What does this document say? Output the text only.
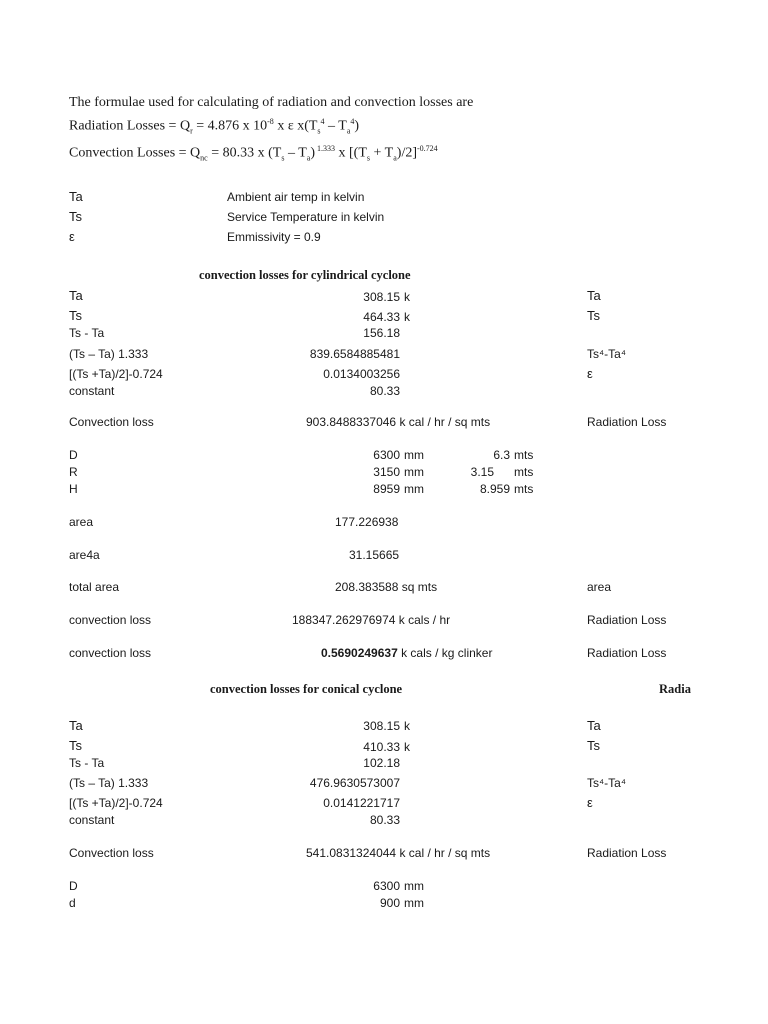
The formulae used for calculating of radiation and convection losses are
Radiation Losses = $Q_r = 4.876$ x $10^{-8}$ x ε $x(T_s^4 - T_a^4)$
Convection Losses = $Q_{nc} = 80.33$ x $(T_s - T_a)$ $^{1.333}$ x $[(T_s + T_a)/2]^{-0.724}$
Ta	Ambient air temp in kelvin
Ts	Service Temperature in kelvin
ε	Emmissivity = 0.9
convection losses for cylindrical cyclone
Ta	308.15 k	Ta
Ts	464.33 k	Ts
Ts - Ta	156.18
(Ts – Ta) 1.333	839.6584885481	Ts⁴-Ta⁴
[(Ts +Ta)/2]-0.724	0.0134003256	ε
constant	80.33
Convection loss	903.8488337046 k cal / hr / sq mts	Radiation Loss
D	6300 mm	6.3 mts
R	3150 mm	3.15 mts
H	8959 mm	8.959 mts
area	177.226938
are4a	31.15665
total area	208.383588 sq mts	area
convection loss	188347.262976974 k cals / hr	Radiation Loss
convection loss	0.5690249637 k cals / kg clinker	Radiation Loss
convection losses for conical cyclone	Radia
Ta	308.15 k	Ta
Ts	410.33 k	Ts
Ts - Ta	102.18
(Ts – Ta) 1.333	476.9630573007	Ts⁴-Ta⁴
[(Ts +Ta)/2]-0.724	0.0141221717	ε
constant	80.33
Convection loss	541.0831324044 k cal / hr / sq mts	Radiation Loss
D	6300 mm
d	900 mm
